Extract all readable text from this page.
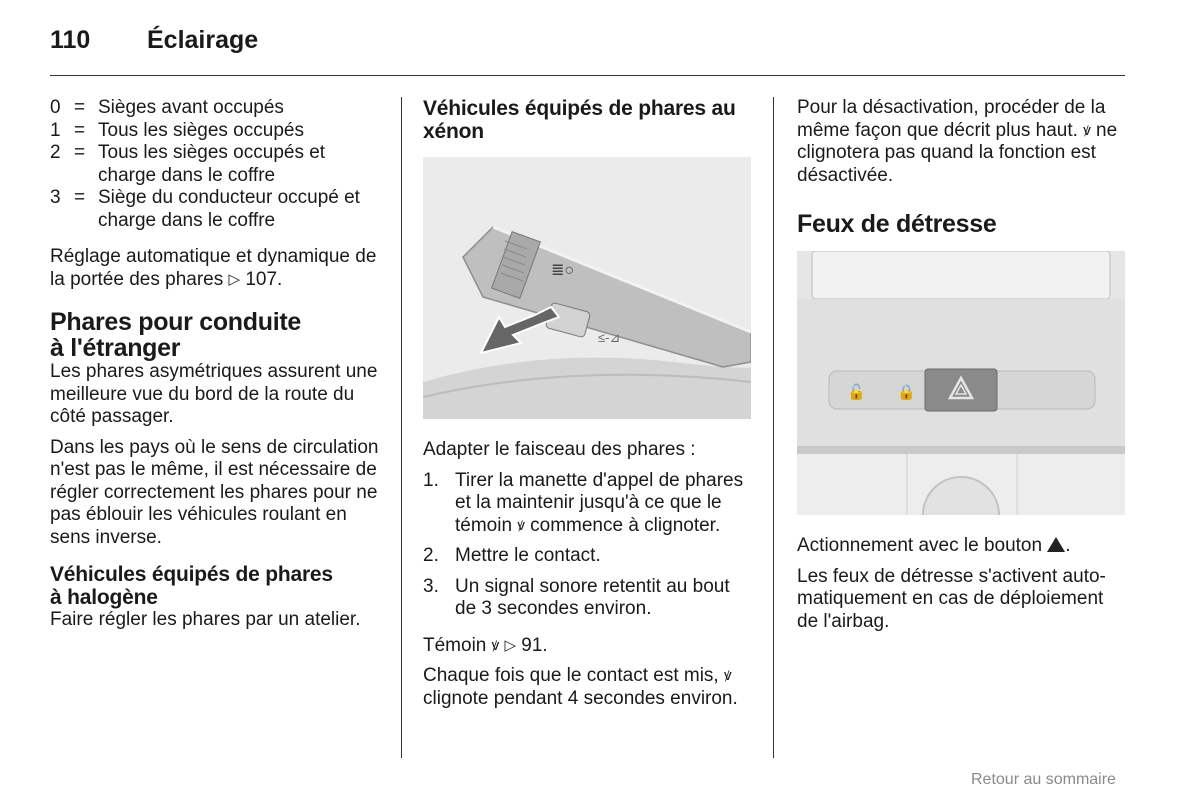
110 Éclairage
0 = Sièges avant occupés
1 = Tous les sièges occupés
2 = Tous les sièges occupés et charge dans le coffre
3 = Siège du conducteur occupé et charge dans le coffre

Réglage automatique et dynamique de la portée des phares ▷ 107.

Phares pour conduite
à l'étranger

Les phares asymétriques assurent une meilleure vue du bord de la route du côté passager.

Dans les pays où le sens de circulation n'est pas le même, il est nécessaire de régler correctement les phares pour ne pas éblouir les véhicules roulant en sens inverse.

Véhicules équipés de phares
à halogène

Faire régler les phares par un atelier.

Véhicules équipés de phares au xénon
≣○
≤-⊿

Adapter le faisceau des phares :

1. Tirer la manette d'appel de phares et la maintenir jusqu'à ce que le témoin ꝟ commence à clignoter.
2. Mettre le contact.
3. Un signal sonore retentit au bout de 3 secondes environ.

Témoin ꝟ ▷ 91.

Chaque fois que le contact est mis, ꝟ clignote pendant 4 secondes environ.

Pour la désactivation, procéder de la même façon que décrit plus haut. ꝟ ne clignotera pas quand la fonction est désactivée.

Feux de détresse
🔓 🔒

Actionnement avec le bouton .

Les feux de détresse s'activent automatiquement en cas de déploiement de l'airbag.

Retour au sommaire
